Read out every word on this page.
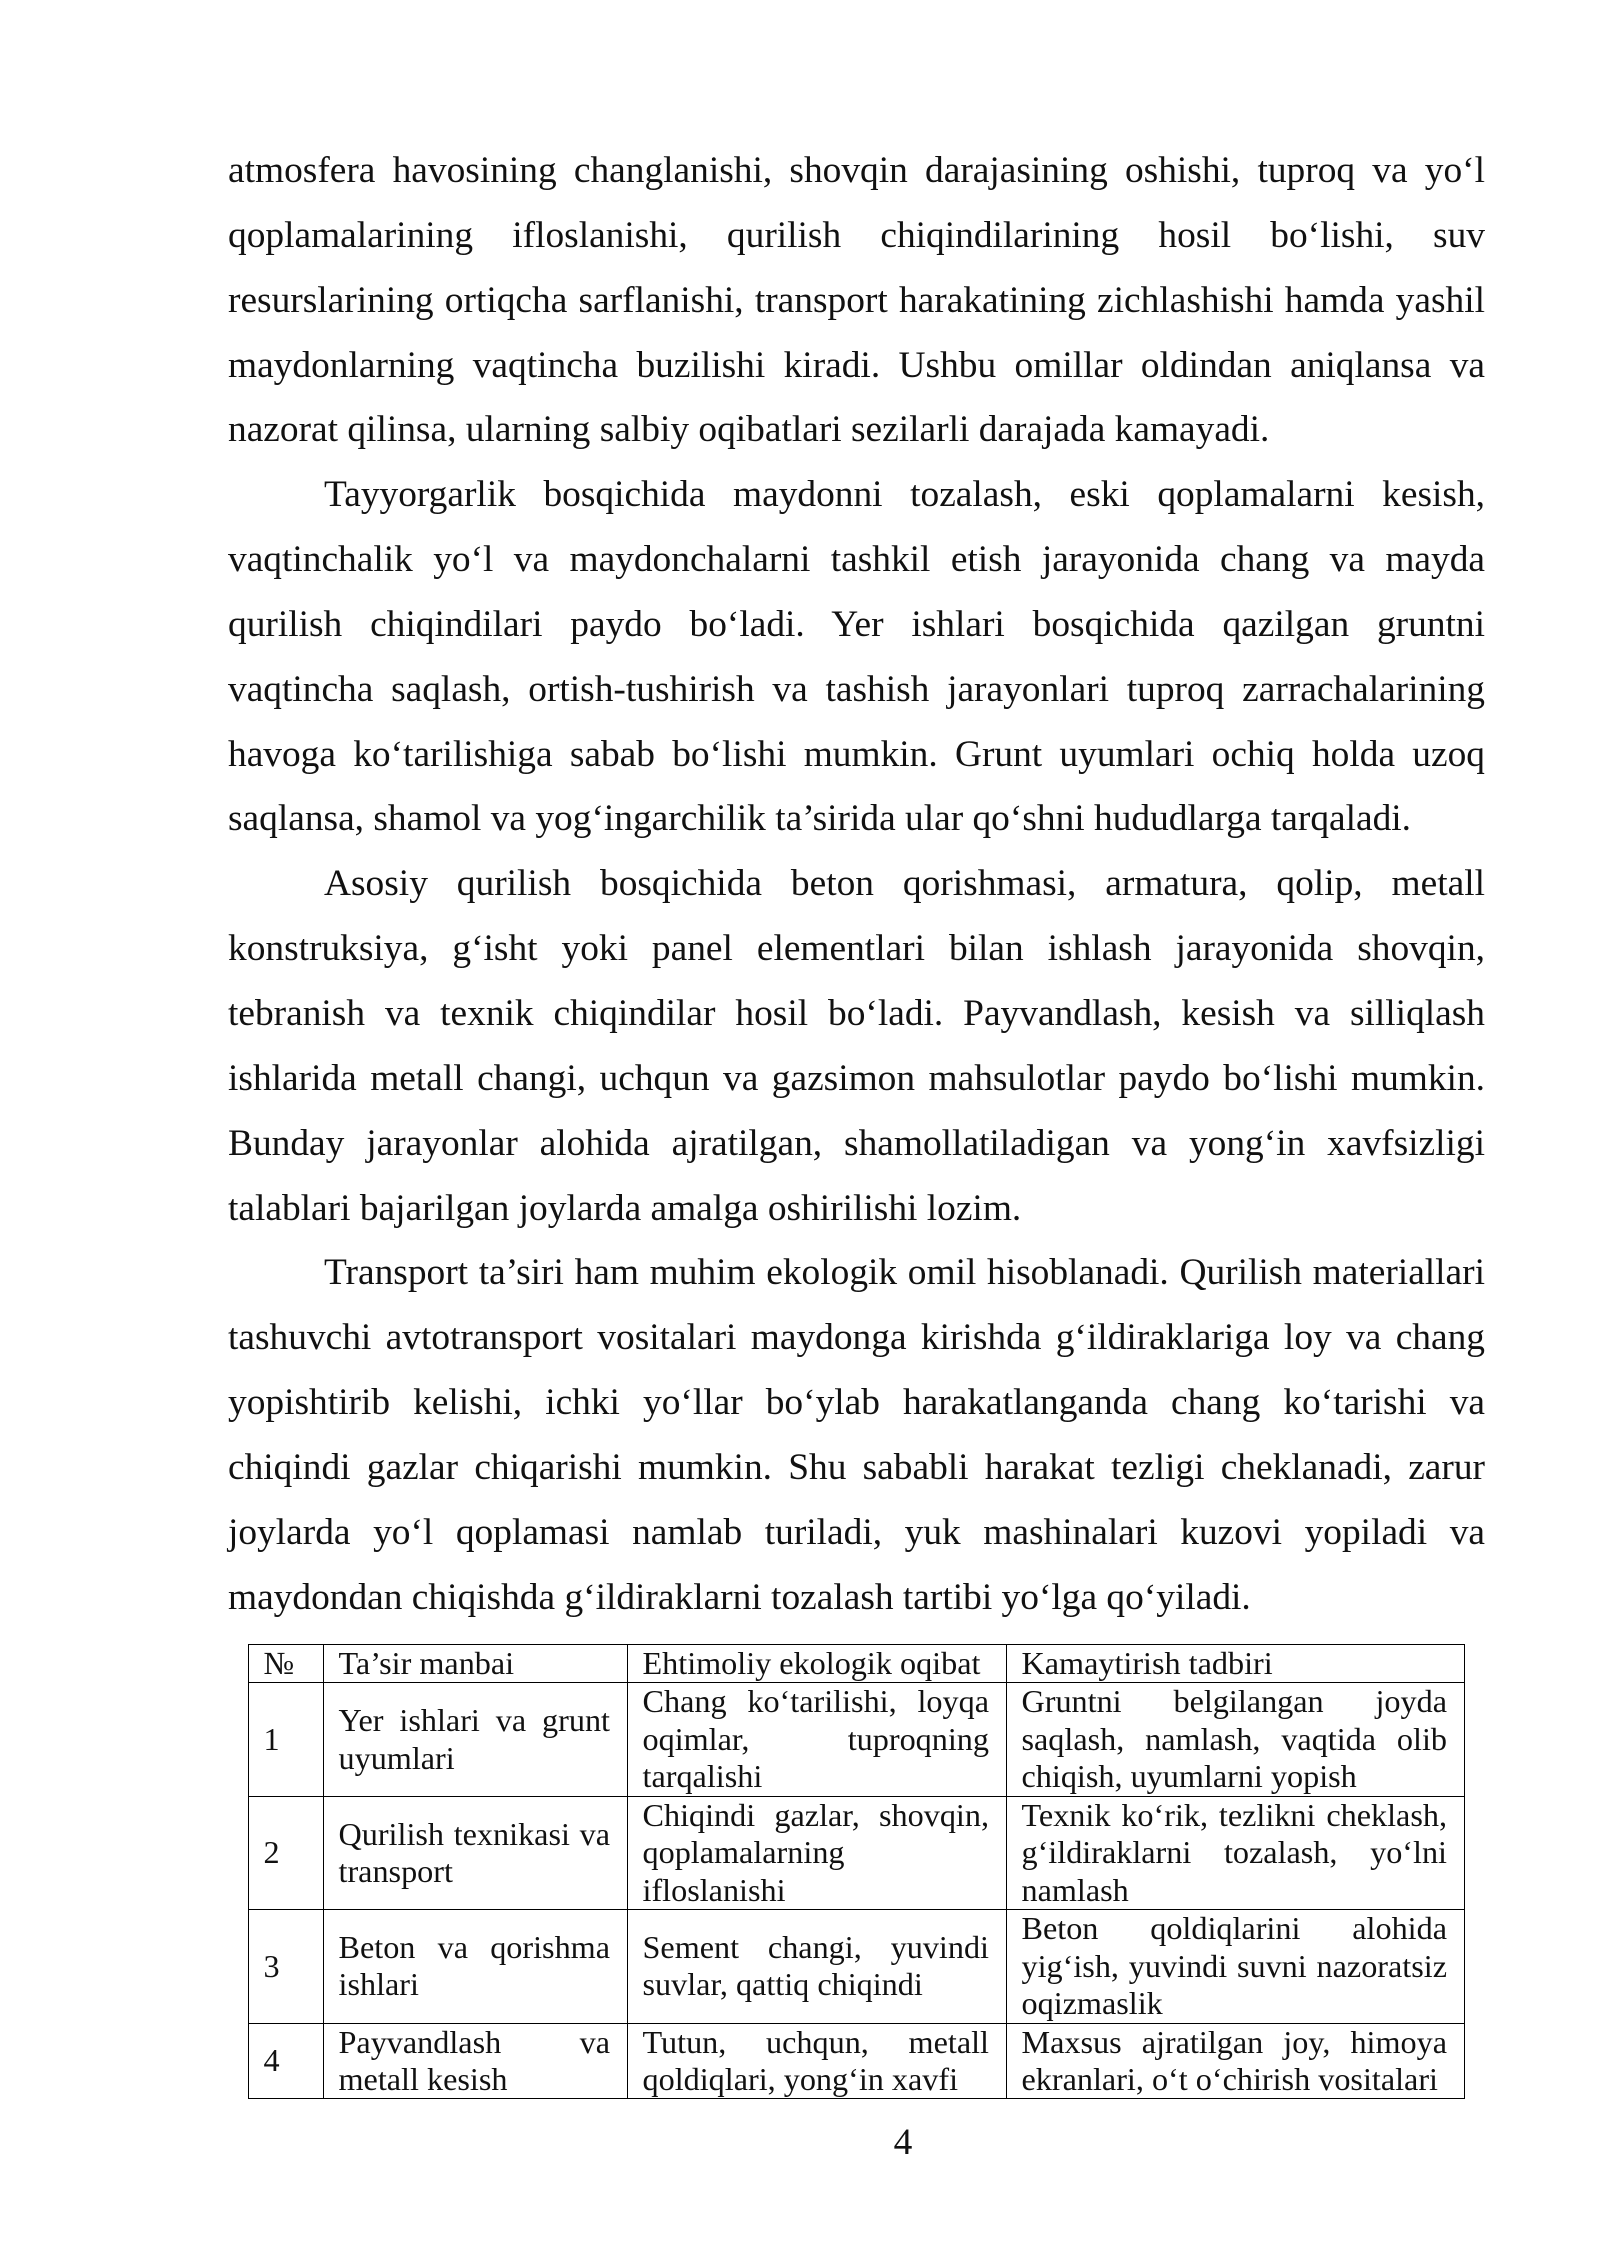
atmosfera havosining changlanishi, shovqin darajasining oshishi, tuproq va yo‘l
qoplamalarining ifloslanishi, qurilish chiqindilarining hosil bo‘lishi, suv
resurslarining ortiqcha sarflanishi, transport harakatining zichlashishi hamda yashil
maydonlarning vaqtincha buzilishi kiradi. Ushbu omillar oldindan aniqlansa va
nazorat qilinsa, ularning salbiy oqibatlari sezilarli darajada kamayadi.
Tayyorgarlik bosqichida maydonni tozalash, eski qoplamalarni kesish,
vaqtinchalik yo‘l va maydonchalarni tashkil etish jarayonida chang va mayda
qurilish chiqindilari paydo bo‘ladi. Yer ishlari bosqichida qazilgan gruntni
vaqtincha saqlash, ortish-tushirish va tashish jarayonlari tuproq zarrachalarining
havoga ko‘tarilishiga sabab bo‘lishi mumkin. Grunt uyumlari ochiq holda uzoq
saqlansa, shamol va yog‘ingarchilik ta’sirida ular qo‘shni hududlarga tarqaladi.
Asosiy qurilish bosqichida beton qorishmasi, armatura, qolip, metall
konstruksiya, g‘isht yoki panel elementlari bilan ishlash jarayonida shovqin,
tebranish va texnik chiqindilar hosil bo‘ladi. Payvandlash, kesish va silliqlash
ishlarida metall changi, uchqun va gazsimon mahsulotlar paydo bo‘lishi mumkin.
Bunday jarayonlar alohida ajratilgan, shamollatiladigan va yong‘in xavfsizligi
talablari bajarilgan joylarda amalga oshirilishi lozim.
Transport ta’siri ham muhim ekologik omil hisoblanadi. Qurilish materiallari
tashuvchi avtotransport vositalari maydonga kirishda g‘ildiraklariga loy va chang
yopishtirib kelishi, ichki yo‘llar bo‘ylab harakatlanganda chang ko‘tarishi va
chiqindi gazlar chiqarishi mumkin. Shu sababli harakat tezligi cheklanadi, zarur
joylarda yo‘l qoplamasi namlab turiladi, yuk mashinalari kuzovi yopiladi va
maydondan chiqishda g‘ildiraklarni tozalash tartibi yo‘lga qo‘yiladi.
№	Ta’sir manbai	Ehtimoliy ekologik oqibat	Kamaytirish tadbiri
1	Yer ishlari va grunt uyumlari	Chang ko‘tarilishi, loyqa oqimlar, tuproqning tarqalishi	Gruntni belgilangan joyda saqlash, namlash, vaqtida olib chiqish, uyumlarni yopish
2	Qurilish texnikasi va transport	Chiqindi gazlar, shovqin, qoplamalarning ifloslanishi	Texnik ko‘rik, tezlikni cheklash, g‘ildiraklarni tozalash, yo‘lni namlash
3	Beton va qorishma ishlari	Sement changi, yuvindi suvlar, qattiq chiqindi	Beton qoldiqlarini alohida yig‘ish, yuvindi suvni nazoratsiz oqizmaslik
4	Payvandlash va metall kesish	Tutun, uchqun, metall qoldiqlari, yong‘in xavfi	Maxsus ajratilgan joy, himoya ekranlari, o‘t o‘chirish vositalari
4
